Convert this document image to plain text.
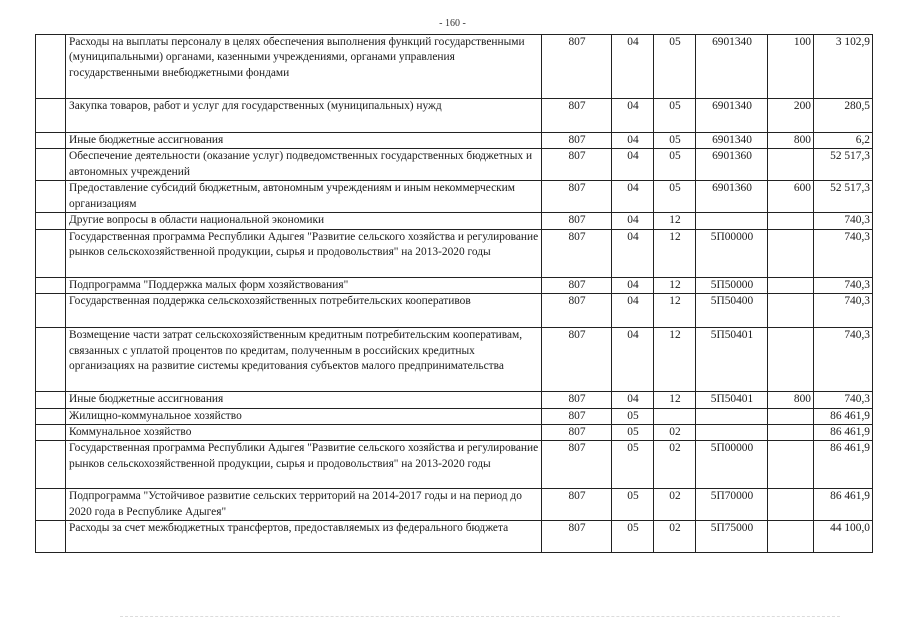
- 160 -
	Расходы на выплаты персоналу в целях обеспечения выполнения функций государственными (муниципальными) органами, казенными учреждениями, органами управления государственными внебюджетными фондами	807	04	05	6901340	100	3 102,9
	Закупка товаров, работ и услуг для государственных (муниципальных) нужд	807	04	05	6901340	200	280,5
	Иные бюджетные ассигнования	807	04	05	6901340	800	6,2
	Обеспечение деятельности (оказание услуг) подведомственных государственных бюджетных и автономных учреждений	807	04	05	6901360		52 517,3
	Предоставление субсидий бюджетным, автономным учреждениям и иным некоммерческим организациям	807	04	05	6901360	600	52 517,3
	Другие вопросы в области национальной экономики	807	04	12			740,3
	Государственная программа Республики Адыгея "Развитие сельского хозяйства и регулирование рынков сельскохозяйственной продукции, сырья и продовольствия" на 2013-2020 годы	807	04	12	5П00000		740,3
	Подпрограмма "Поддержка малых форм хозяйствования"	807	04	12	5П50000		740,3
	Государственная поддержка сельскохозяйственных потребительских кооперативов	807	04	12	5П50400		740,3
	Возмещение части затрат сельскохозяйственным кредитным потребительским кооперативам, связанных с уплатой процентов по кредитам, полученным в российских кредитных организациях на развитие системы кредитования субъектов малого предпринимательства	807	04	12	5П50401		740,3
	Иные бюджетные ассигнования	807	04	12	5П50401	800	740,3
	Жилищно-коммунальное хозяйство	807	05				86 461,9
	Коммунальное хозяйство	807	05	02			86 461,9
	Государственная программа Республики Адыгея "Развитие сельского хозяйства и регулирование рынков сельскохозяйственной продукции, сырья и продовольствия" на 2013-2020 годы	807	05	02	5П00000		86 461,9
	Подпрограмма "Устойчивое развитие сельских территорий на 2014-2017 годы и на период до 2020 года в Республике Адыгея"	807	05	02	5П70000		86 461,9
	Расходы за счет межбюджетных трансфертов, предоставляемых из федерального бюджета	807	05	02	5П75000		44 100,0
